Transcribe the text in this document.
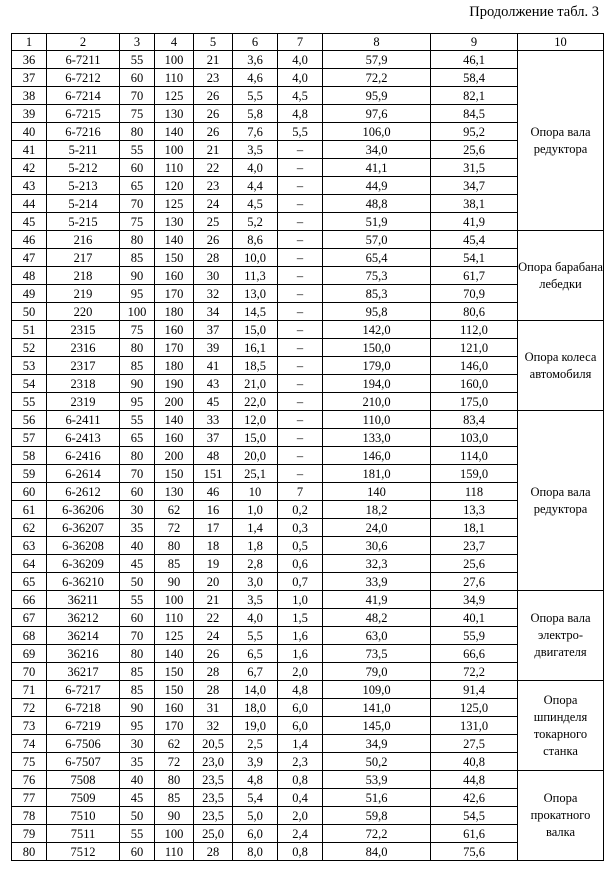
Продолжение табл. 3
1	2	3	4	5	6	7	8	9	10
36	6-7211	55	100	21	3,6	4,0	57,9	46,1	Опора вала редуктора
37	6-7212	60	110	23	4,6	4,0	72,2	58,4	
38	6-7214	70	125	26	5,5	4,5	95,9	82,1	
39	6-7215	75	130	26	5,8	4,8	97,6	84,5	
40	6-7216	80	140	26	7,6	5,5	106,0	95,2	
41	5-211	55	100	21	3,5	–	34,0	25,6	
42	5-212	60	110	22	4,0	–	41,1	31,5	
43	5-213	65	120	23	4,4	–	44,9	34,7	
44	5-214	70	125	24	4,5	–	48,8	38,1	
45	5-215	75	130	25	5,2	–	51,9	41,9	
46	216	80	140	26	8,6	–	57,0	45,4	Опора барабана лебедки
47	217	85	150	28	10,0	–	65,4	54,1	
48	218	90	160	30	11,3	–	75,3	61,7	
49	219	95	170	32	13,0	–	85,3	70,9	
50	220	100	180	34	14,5	–	95,8	80,6	
51	2315	75	160	37	15,0	–	142,0	112,0	Опора колеса автомобиля
52	2316	80	170	39	16,1	–	150,0	121,0	
53	2317	85	180	41	18,5	–	179,0	146,0	
54	2318	90	190	43	21,0	–	194,0	160,0	
55	2319	95	200	45	22,0	–	210,0	175,0	
56	6-2411	55	140	33	12,0	–	110,0	83,4	Опора вала редуктора
57	6-2413	65	160	37	15,0	–	133,0	103,0	
58	6-2416	80	200	48	20,0	–	146,0	114,0	
59	6-2614	70	150	151	25,1	–	181,0	159,0	
60	6-2612	60	130	46	10	7	140	118	
61	6-36206	30	62	16	1,0	0,2	18,2	13,3	
62	6-36207	35	72	17	1,4	0,3	24,0	18,1	
63	6-36208	40	80	18	1,8	0,5	30,6	23,7	
64	6-36209	45	85	19	2,8	0,6	32,3	25,6	
65	6-36210	50	90	20	3,0	0,7	33,9	27,6	
66	36211	55	100	21	3,5	1,0	41,9	34,9	Опора вала электро-двигателя
67	36212	60	110	22	4,0	1,5	48,2	40,1	
68	36214	70	125	24	5,5	1,6	63,0	55,9	
69	36216	80	140	26	6,5	1,6	73,5	66,6	
70	36217	85	150	28	6,7	2,0	79,0	72,2	
71	6-7217	85	150	28	14,0	4,8	109,0	91,4	Опора шпинделя токарного станка
72	6-7218	90	160	31	18,0	6,0	141,0	125,0	
73	6-7219	95	170	32	19,0	6,0	145,0	131,0	
74	6-7506	30	62	20,5	2,5	1,4	34,9	27,5	
75	6-7507	35	72	23,0	3,9	2,3	50,2	40,8	
76	7508	40	80	23,5	4,8	0,8	53,9	44,8	Опора прокатного валка
77	7509	45	85	23,5	5,4	0,4	51,6	42,6	
78	7510	50	90	23,5	5,0	2,0	59,8	54,5	
79	7511	55	100	25,0	6,0	2,4	72,2	61,6	
80	7512	60	110	28	8,0	0,8	84,0	75,6	
